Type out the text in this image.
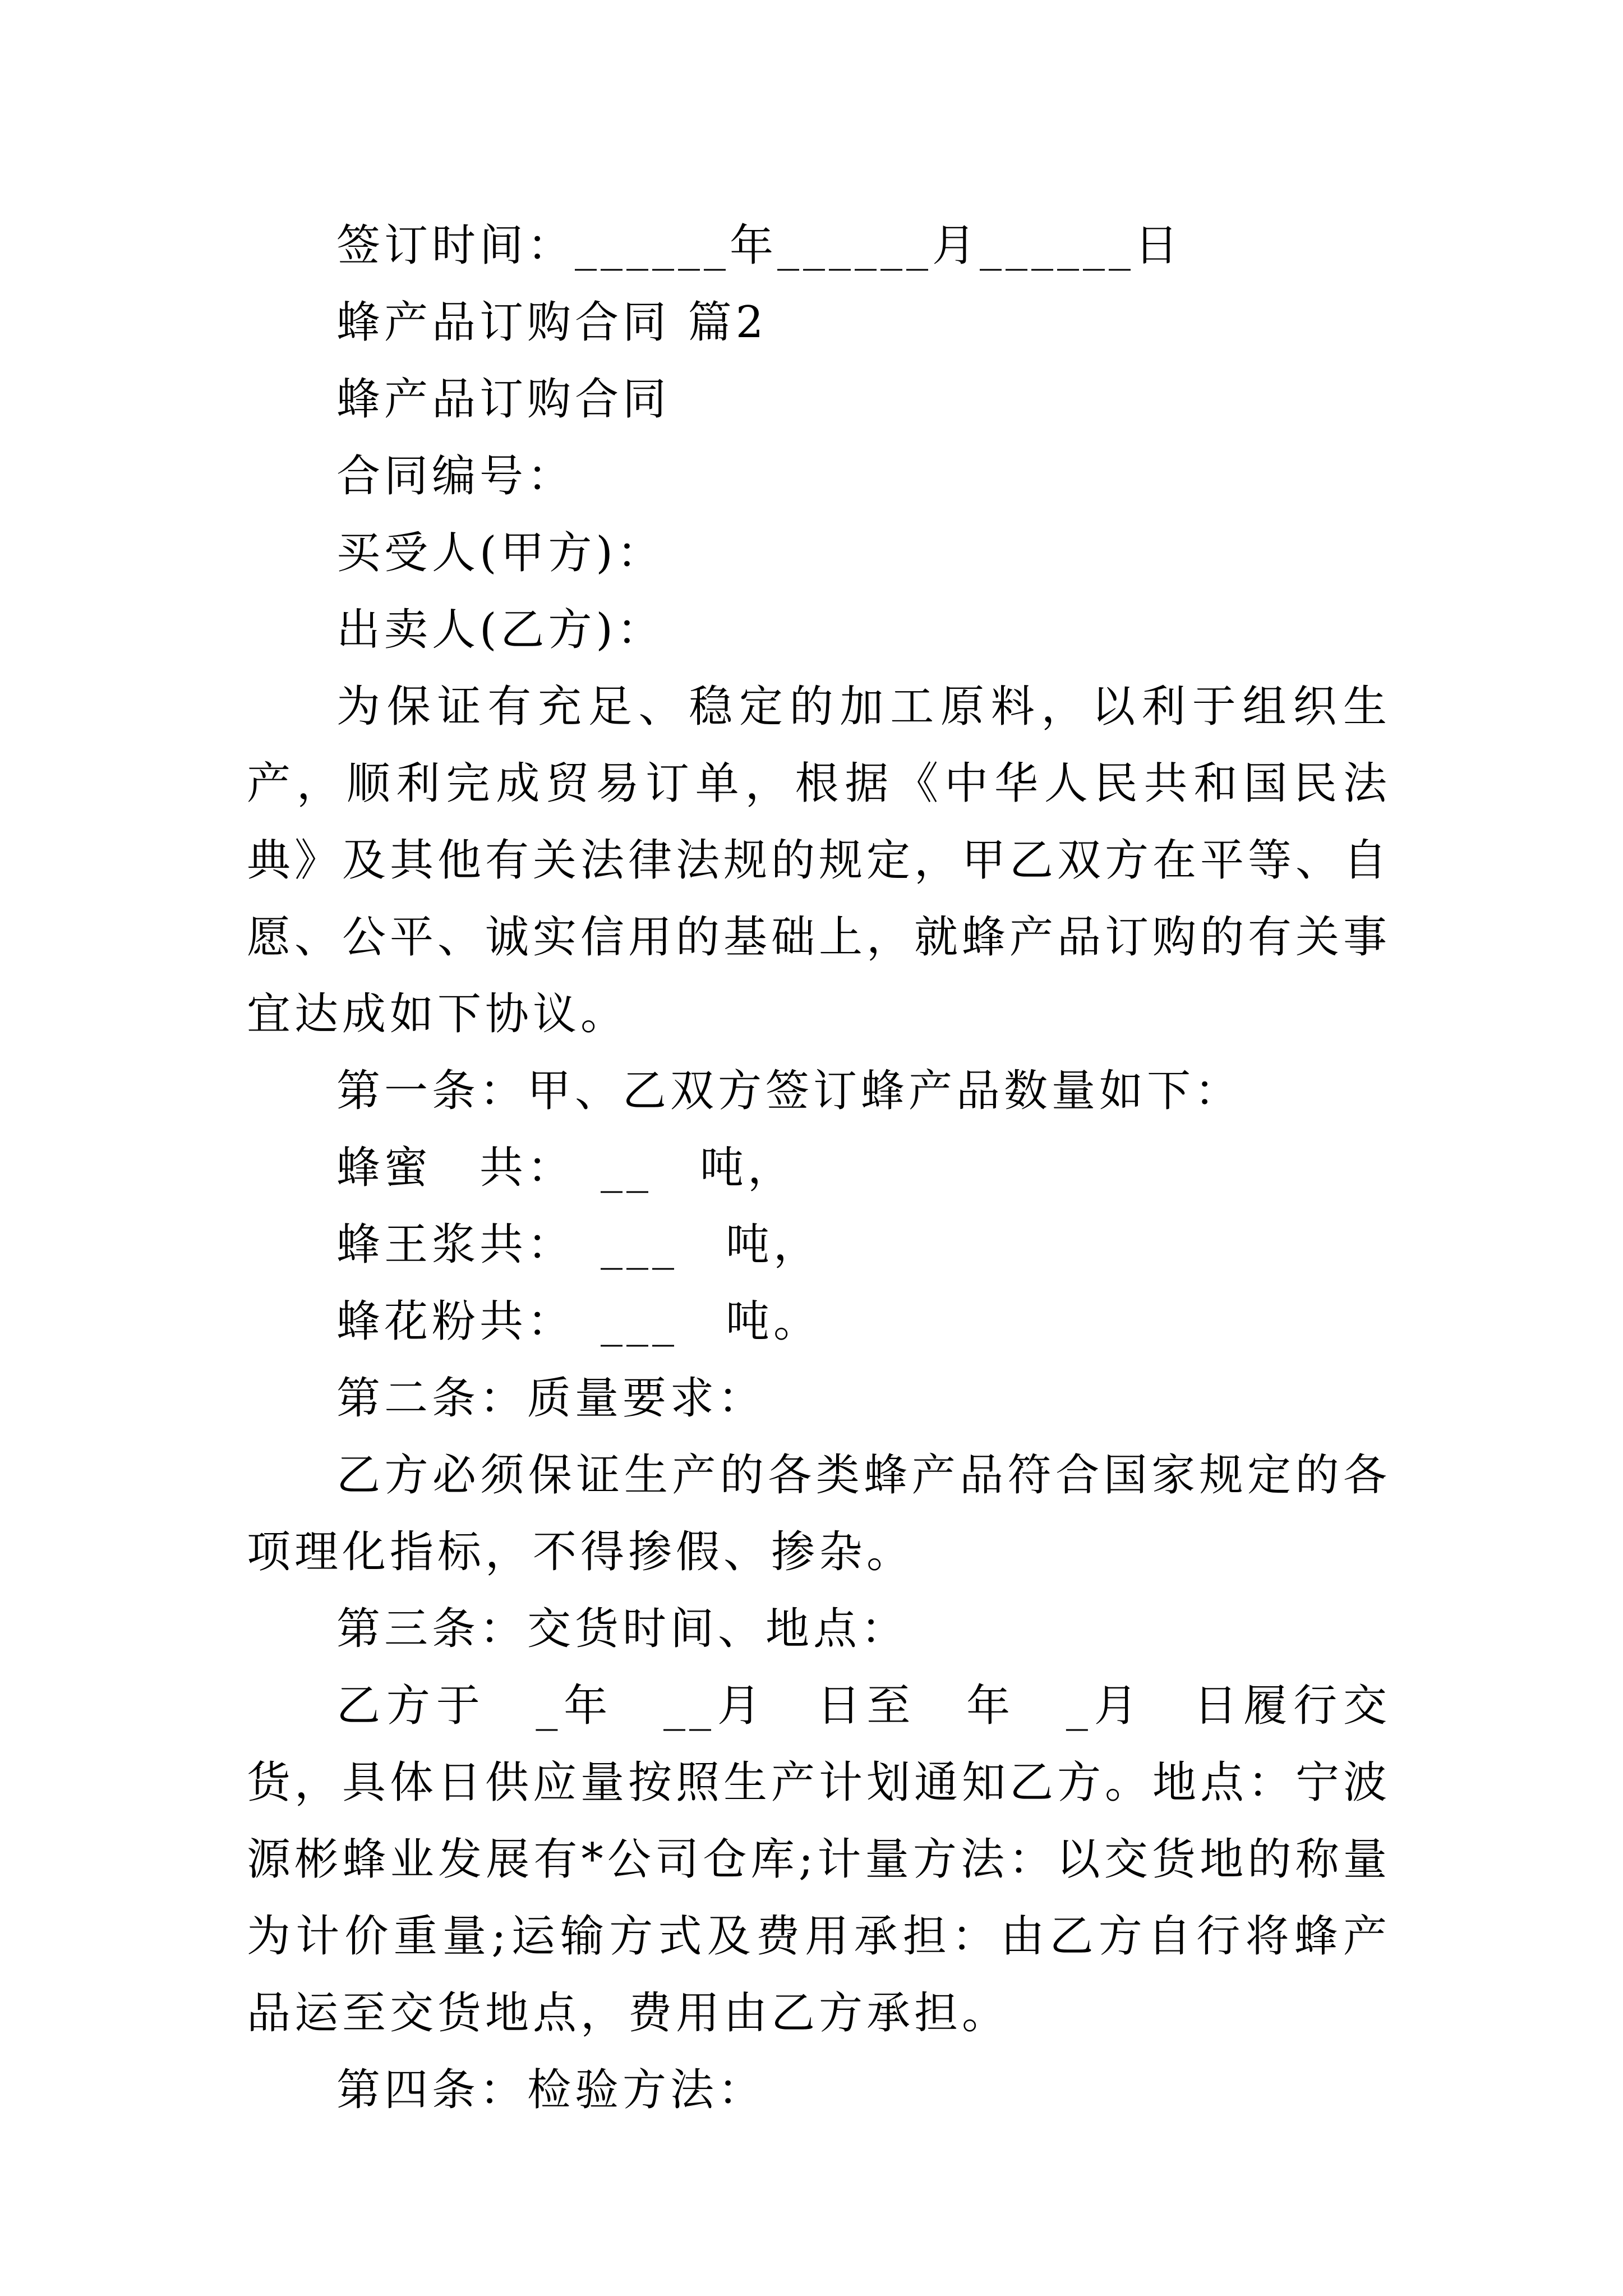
签订时间：______年______月______日
蜂产品订购合同 篇2
蜂产品订购合同
合同编号：
买受人(甲方)：
出卖人(乙方)：
为保证有充足、稳定的加工原料，以利于组织生产，顺利完成贸易订单，根据《中华人民共和国民法典》及其他有关法律法规的规定，甲乙双方在平等、自愿、公平、诚实信用的基础上，就蜂产品订购的有关事宜达成如下协议。
第一条：甲、乙双方签订蜂产品数量如下：
蜂蜜　共：　__　吨，
蜂王浆共：　___　吨，
蜂花粉共：　___　吨。
第二条：质量要求：
乙方必须保证生产的各类蜂产品符合国家规定的各项理化指标，不得掺假、掺杂。
第三条：交货时间、地点：
乙方于　_年　__月　日至　年　_月　日履行交货，具体日供应量按照生产计划通知乙方。地点：宁波源彬蜂业发展有*公司仓库;计量方法：以交货地的称量为计价重量;运输方式及费用承担：由乙方自行将蜂产品运至交货地点，费用由乙方承担。
第四条：检验方法：
